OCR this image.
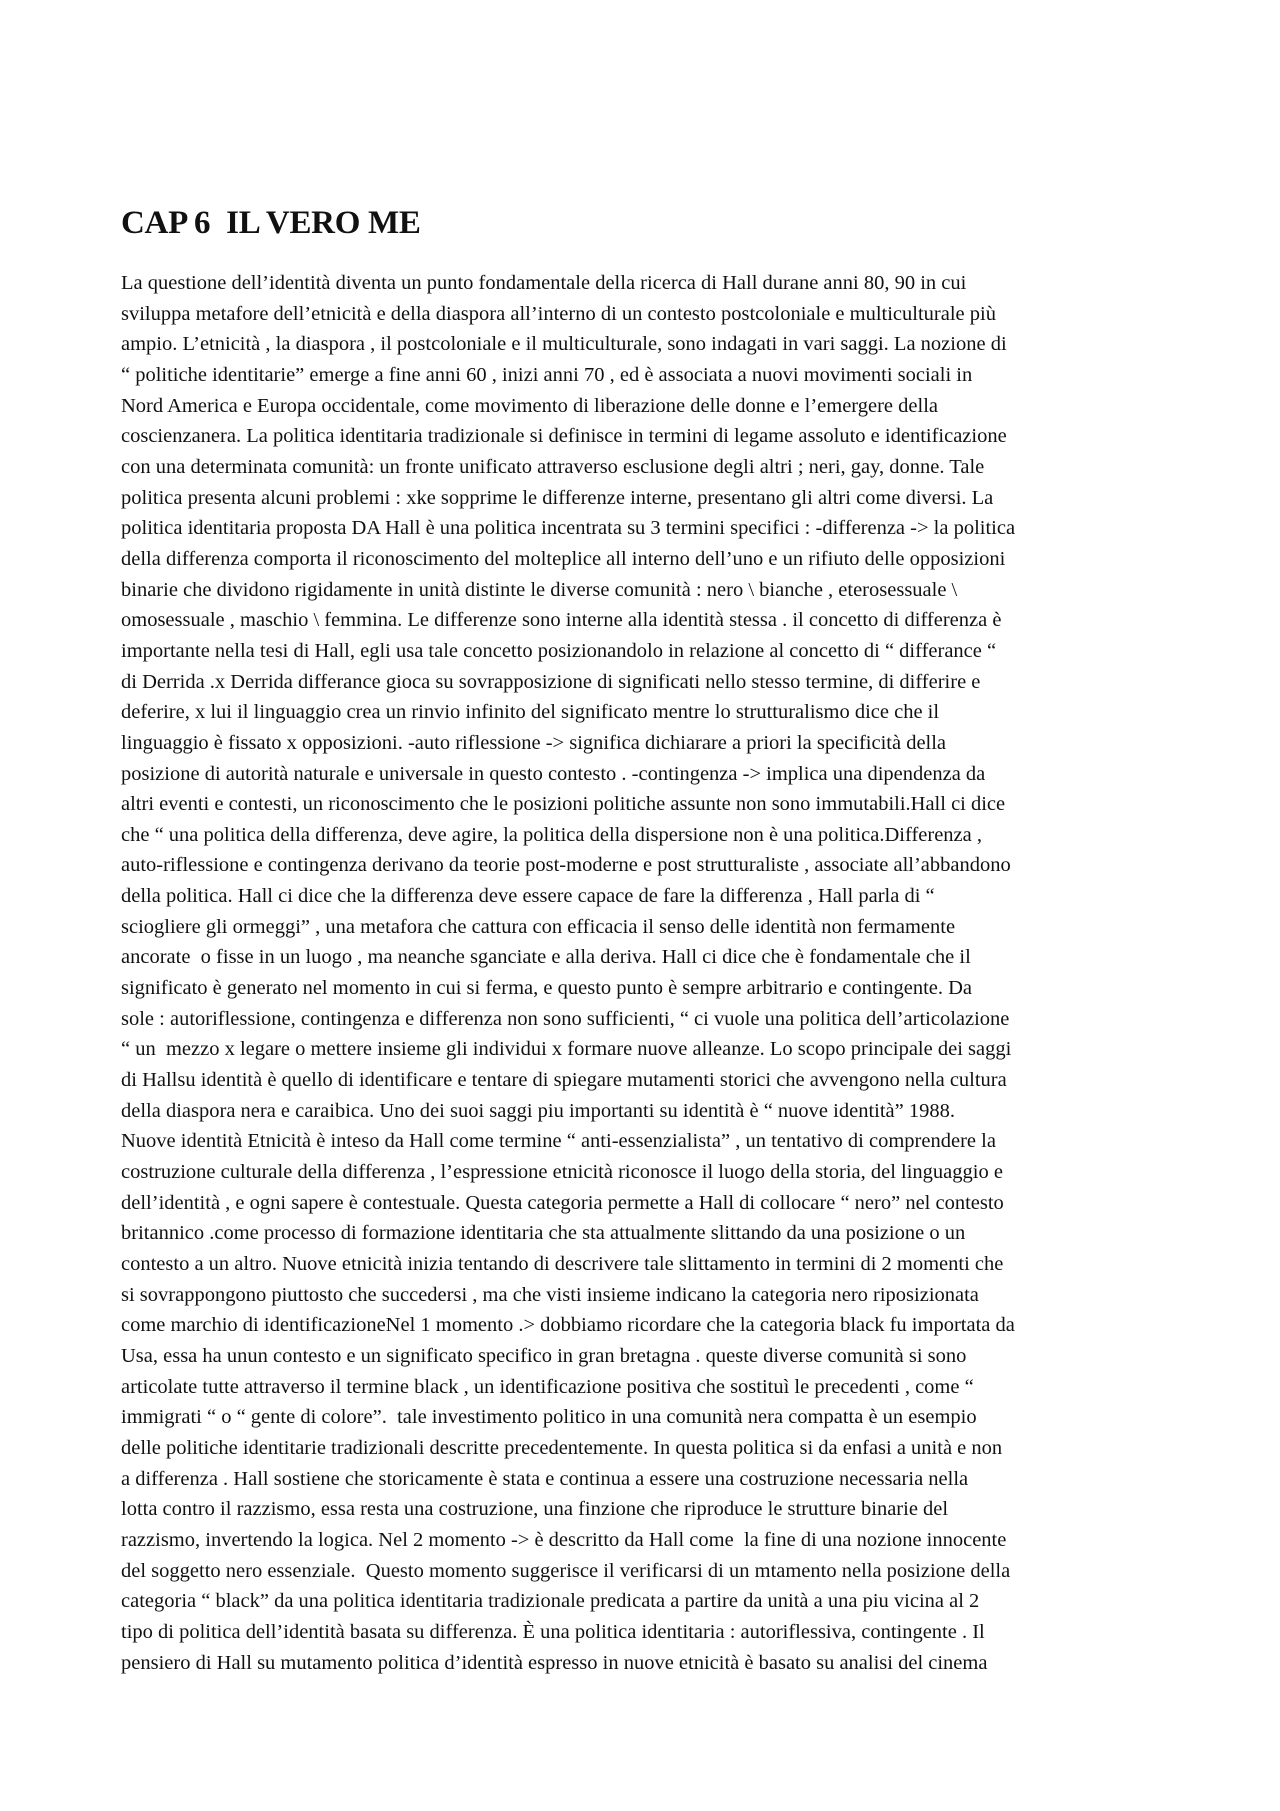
CAP 6  IL VERO ME
La questione dell’identità diventa un punto fondamentale della ricerca di Hall durane anni 80, 90 in cui
sviluppa metafore dell’etnicità e della diaspora all’interno di un contesto postcoloniale e multiculturale più
ampio. L’etnicità , la diaspora , il postcoloniale e il multiculturale, sono indagati in vari saggi. La nozione di
“ politiche identitarie” emerge a fine anni 60 , inizi anni 70 , ed è associata a nuovi movimenti sociali in
Nord America e Europa occidentale, come movimento di liberazione delle donne e l’emergere della
coscienzanera. La politica identitaria tradizionale si definisce in termini di legame assoluto e identificazione
con una determinata comunità: un fronte unificato attraverso esclusione degli altri ; neri, gay, donne. Tale
politica presenta alcuni problemi : xke sopprime le differenze interne, presentano gli altri come diversi. La
politica identitaria proposta DA Hall è una politica incentrata su 3 termini specifici : -differenza -> la politica
della differenza comporta il riconoscimento del molteplice all interno dell’uno e un rifiuto delle opposizioni
binarie che dividono rigidamente in unità distinte le diverse comunità : nero \ bianche , eterosessuale \
omosessuale , maschio \ femmina. Le differenze sono interne alla identità stessa . il concetto di differenza è
importante nella tesi di Hall, egli usa tale concetto posizionandolo in relazione al concetto di “ differance “
di Derrida .x Derrida differance gioca su sovrapposizione di significati nello stesso termine, di differire e
deferire, x lui il linguaggio crea un rinvio infinito del significato mentre lo strutturalismo dice che il
linguaggio è fissato x opposizioni. -auto riflessione -> significa dichiarare a priori la specificità della
posizione di autorità naturale e universale in questo contesto . -contingenza -> implica una dipendenza da
altri eventi e contesti, un riconoscimento che le posizioni politiche assunte non sono immutabili.Hall ci dice
che “ una politica della differenza, deve agire, la politica della dispersione non è una politica.Differenza ,
auto-riflessione e contingenza derivano da teorie post-moderne e post strutturaliste , associate all’abbandono
della politica. Hall ci dice che la differenza deve essere capace de fare la differenza , Hall parla di “
sciogliere gli ormeggi” , una metafora che cattura con efficacia il senso delle identità non fermamente
ancorate  o fisse in un luogo , ma neanche sganciate e alla deriva. Hall ci dice che è fondamentale che il
significato è generato nel momento in cui si ferma, e questo punto è sempre arbitrario e contingente. Da
sole : autoriflessione, contingenza e differenza non sono sufficienti, “ ci vuole una politica dell’articolazione
“ un  mezzo x legare o mettere insieme gli individui x formare nuove alleanze. Lo scopo principale dei saggi
di Hallsu identità è quello di identificare e tentare di spiegare mutamenti storici che avvengono nella cultura
della diaspora nera e caraibica. Uno dei suoi saggi piu importanti su identità è “ nuove identità” 1988.
Nuove identità Etnicità è inteso da Hall come termine “ anti-essenzialista” , un tentativo di comprendere la
costruzione culturale della differenza , l’espressione etnicità riconosce il luogo della storia, del linguaggio e
dell’identità , e ogni sapere è contestuale. Questa categoria permette a Hall di collocare “ nero” nel contesto
britannico .come processo di formazione identitaria che sta attualmente slittando da una posizione o un
contesto a un altro. Nuove etnicità inizia tentando di descrivere tale slittamento in termini di 2 momenti che
si sovrappongono piuttosto che succedersi , ma che visti insieme indicano la categoria nero riposizionata
come marchio di identificazioneNel 1 momento .> dobbiamo ricordare che la categoria black fu importata da
Usa, essa ha unun contesto e un significato specifico in gran bretagna . queste diverse comunità si sono
articolate tutte attraverso il termine black , un identificazione positiva che sostituì le precedenti , come “
immigrati “ o “ gente di colore”.  tale investimento politico in una comunità nera compatta è un esempio
delle politiche identitarie tradizionali descritte precedentemente. In questa politica si da enfasi a unità e non
a differenza . Hall sostiene che storicamente è stata e continua a essere una costruzione necessaria nella
lotta contro il razzismo, essa resta una costruzione, una finzione che riproduce le strutture binarie del
razzismo, invertendo la logica. Nel 2 momento -> è descritto da Hall come  la fine di una nozione innocente
del soggetto nero essenziale.  Questo momento suggerisce il verificarsi di un mtamento nella posizione della
categoria “ black” da una politica identitaria tradizionale predicata a partire da unità a una piu vicina al 2
tipo di politica dell’identità basata su differenza. È una politica identitaria : autoriflessiva, contingente . Il
pensiero di Hall su mutamento politica d’identità espresso in nuove etnicità è basato su analisi del cinema
